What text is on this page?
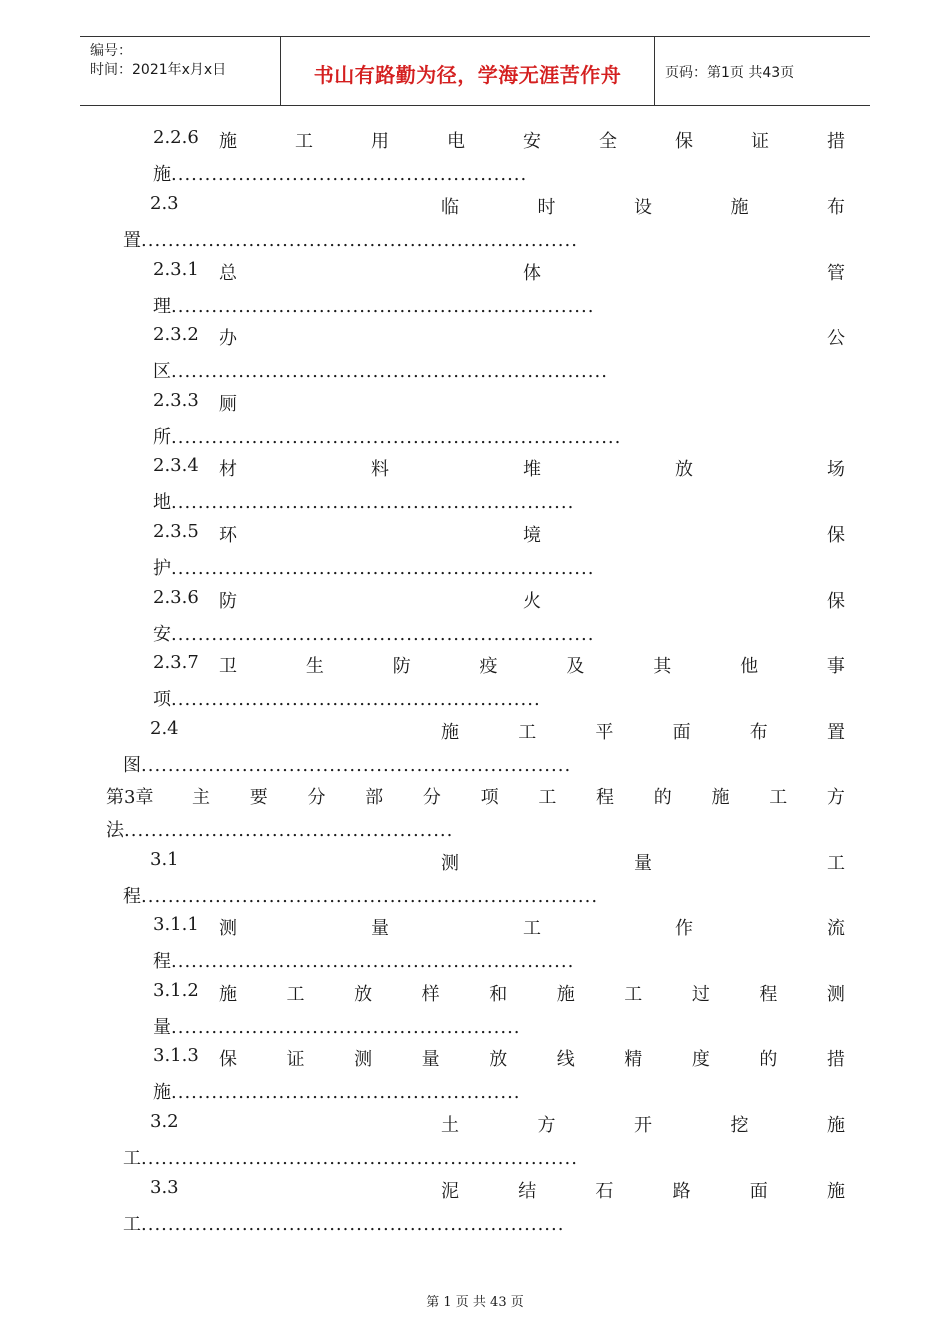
编号：
时间：2021年x月x日	书山有路勤为径，学海无涯苦作舟	页码：第1页 共43页
2.2.6 施	工	用	电	安	全	保	证	措
施.....................................................
2.3	临	时	设	施	布
置.................................................................
2.3.1 总	体	管
理...............................................................
2.3.2 办	公
区.................................................................
2.3.3 厕
所...................................................................
2.3.4 材	料	堆	放	场
地............................................................
2.3.5 环	境	保
护...............................................................
2.3.6 防	火	保
安...............................................................
2.3.7 卫	生	防	疫	及	其	他	事
项.......................................................
2.4	施	工	平	面	布	置
图................................................................
第3章 主 要 分 部 分 项 工 程 的 施 工 方
法.................................................
3.1	测	量	工
程....................................................................
3.1.1 测	量	工	作	流
程............................................................
3.1.2 施	工	放	样	和	施	工	过	程	测
量....................................................
3.1.3 保	证	测	量	放	线	精	度	的	措
施....................................................
3.2	土	方	开	挖	施
工.................................................................
3.3	泥	结	石	路	面	施
工...............................................................
第 1 页 共 43 页
